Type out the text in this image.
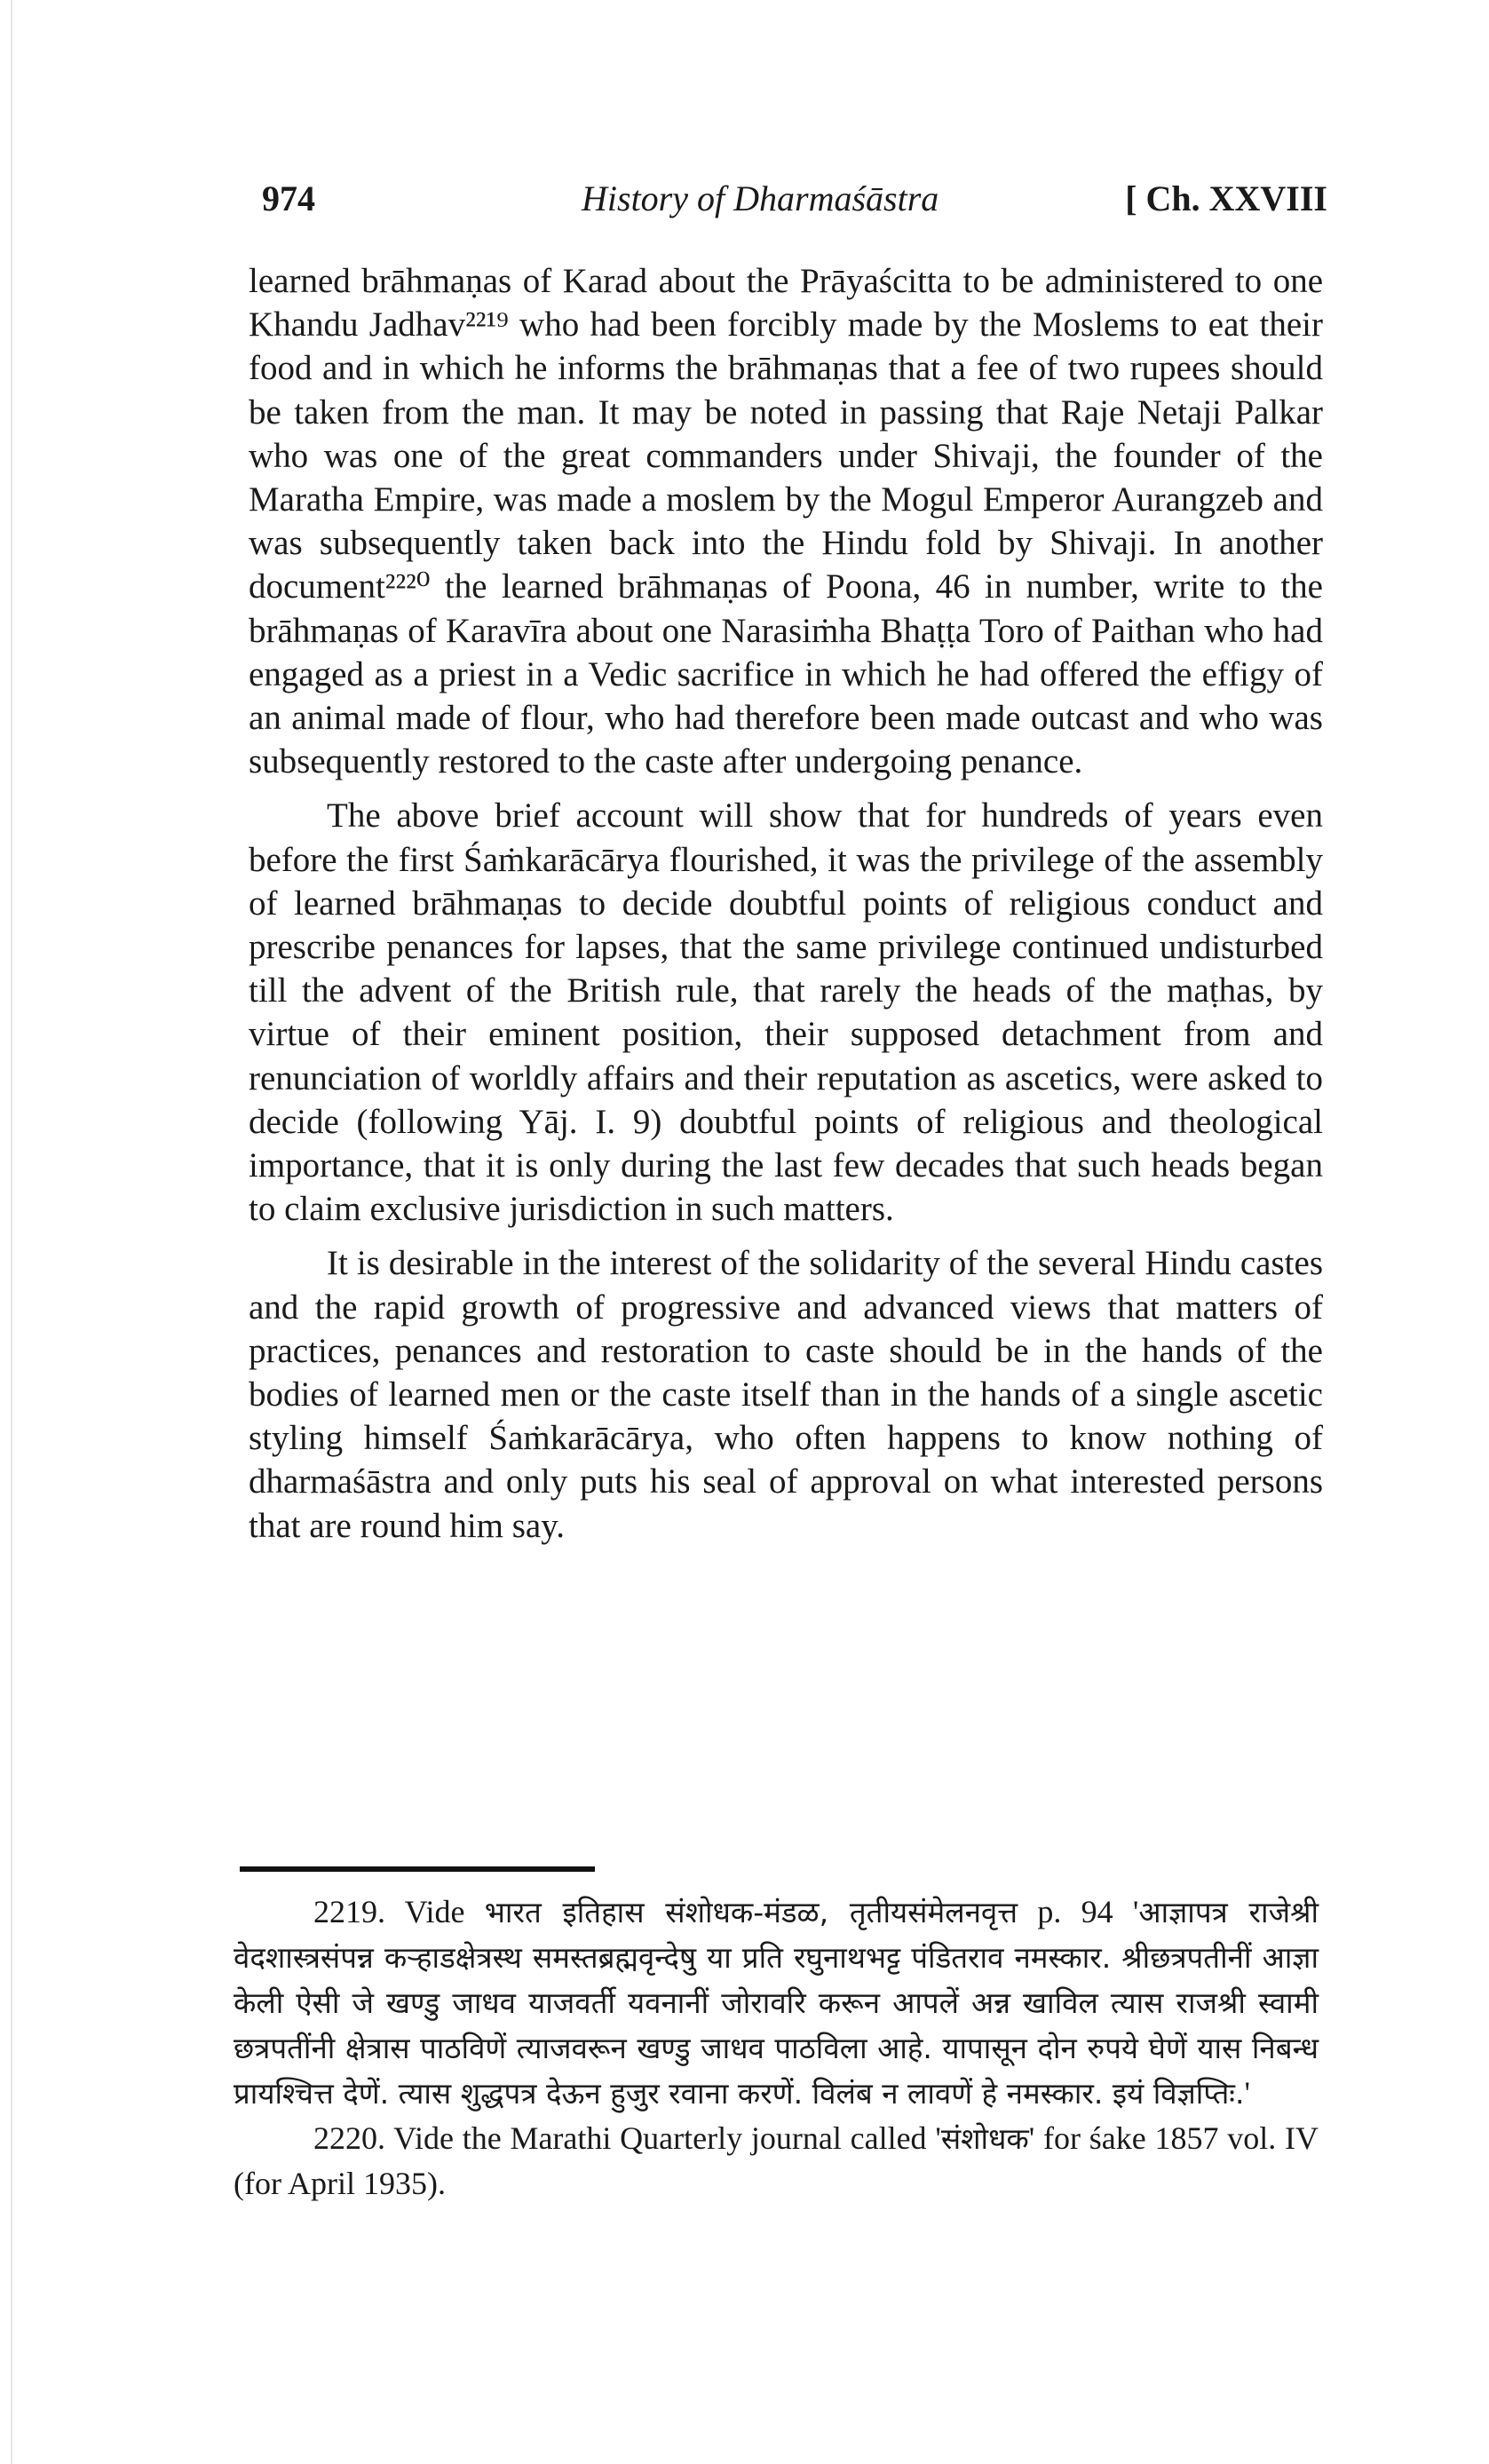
974	History of Dharmaśāstra	[ Ch. XXVIII

learned brāhmaṇas of Karad about the Prāyaścitta to be administered to one Khandu Jadhav²²¹⁹ who had been forcibly made by the Moslems to eat their food and in which he informs the brāhmaṇas that a fee of two rupees should be taken from the man. It may be noted in passing that Raje Netaji Palkar who was one of the great commanders under Shivaji, the founder of the Maratha Empire, was made a moslem by the Mogul Emperor Aurangzeb and was subsequently taken back into the Hindu fold by Shivaji. In another document²²²⁰ the learned brāhmaṇas of Poona, 46 in number, write to the brāhmaṇas of Karavīra about one Narasiṁha Bhaṭṭa Toro of Paithan who had engaged as a priest in a Vedic sacrifice in which he had offered the effigy of an animal made of flour, who had therefore been made outcast and who was subsequently restored to the caste after undergoing penance.

The above brief account will show that for hundreds of years even before the first Śaṁkarācārya flourished, it was the privilege of the assembly of learned brāhmaṇas to decide doubtful points of religious conduct and prescribe penances for lapses, that the same privilege continued undisturbed till the advent of the British rule, that rarely the heads of the maṭhas, by virtue of their eminent position, their supposed detachment from and renunciation of worldly affairs and their reputation as ascetics, were asked to decide (following Yāj. I. 9) doubtful points of religious and theological importance, that it is only during the last few decades that such heads began to claim exclusive jurisdiction in such matters.

It is desirable in the interest of the solidarity of the several Hindu castes and the rapid growth of progressive and advanced views that matters of practices, penances and restoration to caste should be in the hands of the bodies of learned men or the caste itself than in the hands of a single ascetic styling himself Śaṁkarācārya, who often happens to know nothing of dharmaśāstra and only puts his seal of approval on what interested persons that are round him say.

2219. Vide भारत इतिहास संशोधक-मंडळ, तृतीयसंमेलनवृत्त p. 94 'आज्ञापत्र राजेश्री वेदशास्त्रसंपन्न कऱ्हाडक्षेत्रस्थ समस्तब्रह्मवृन्देषु या प्रति रघुनाथभट्ट पंडितराव नमस्कार. श्रीछत्रपतीनीं आज्ञा केली ऐसी जे खण्डु जाधव याजवर्ती यवनानीं जोरावरि करून आपलें अन्न खाविल त्यास राजश्री स्वामी छत्रपतींनी क्षेत्रास पाठविणें त्याजवरून खण्डु जाधव पाठविला आहे. यापासून दोन रुपये घेणें यास निबन्ध प्रायश्चित्त देणें. त्यास शुद्धपत्र देऊन हुजुर रवाना करणें. विलंब न लावणें हे नमस्कार. इयं विज्ञप्तिः.'

2220. Vide the Marathi Quarterly journal called 'संशोधक' for śake 1857 vol. IV (for April 1935).
